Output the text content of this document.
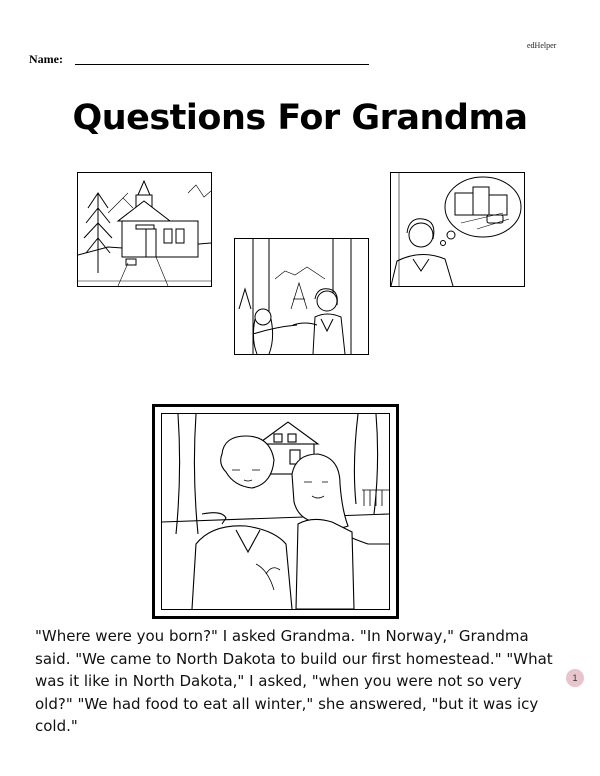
edHelper
Name:
Questions For Grandma

"Where were you born?" I asked Grandma. "In Norway," Grandma said. "We came to North Dakota to build our first homestead." "What was it like in North Dakota," I asked, "when you were not so very old?" "We had food to eat all winter," she answered, "but it was icy cold."

1
